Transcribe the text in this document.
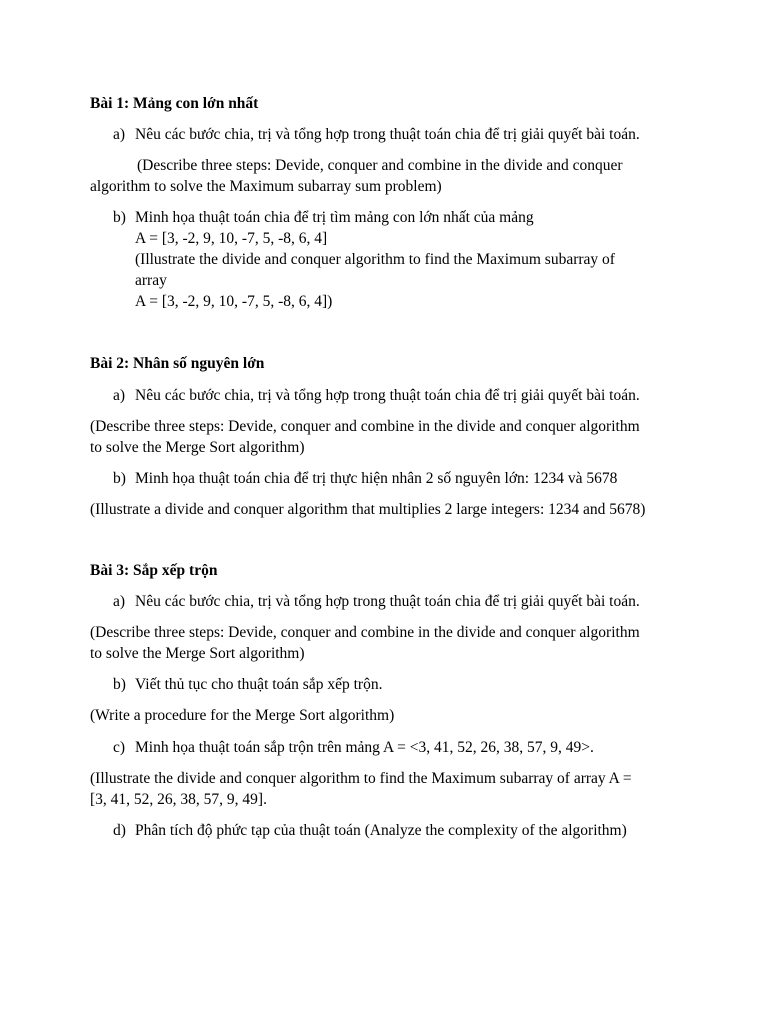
Bài 1: Mảng con lớn nhất
a) Nêu các bước chia, trị và tổng hợp trong thuật toán chia để trị giải quyết bài toán.
(Describe three steps: Devide, conquer and combine in the divide and conquer
algorithm to solve the Maximum subarray sum problem)
b) Minh họa thuật toán chia để trị tìm mảng con lớn nhất của mảng
A = [3, -2, 9, 10, -7, 5, -8, 6, 4]
(Illustrate the divide and conquer algorithm to find the Maximum subarray of
array
A = [3, -2, 9, 10, -7, 5, -8, 6, 4])
Bài 2: Nhân số nguyên lớn
a) Nêu các bước chia, trị và tổng hợp trong thuật toán chia để trị giải quyết bài toán.
(Describe three steps: Devide, conquer and combine in the divide and conquer algorithm
to solve the Merge Sort algorithm)
b) Minh họa thuật toán chia để trị thực hiện nhân 2 số nguyên lớn: 1234 và 5678
(Illustrate a divide and conquer algorithm that multiplies 2 large integers: 1234 and 5678)
Bài 3: Sắp xếp trộn
a) Nêu các bước chia, trị và tổng hợp trong thuật toán chia để trị giải quyết bài toán.
(Describe three steps: Devide, conquer and combine in the divide and conquer algorithm
to solve the Merge Sort algorithm)
b) Viết thủ tục cho thuật toán sắp xếp trộn.
(Write a procedure for the Merge Sort algorithm)
c) Minh họa thuật toán sắp trộn trên mảng A = <3, 41, 52, 26, 38, 57, 9, 49>.
(Illustrate the divide and conquer algorithm to find the Maximum subarray of array A =
[3, 41, 52, 26, 38, 57, 9, 49].
d) Phân tích độ phức tạp của thuật toán (Analyze the complexity of the algorithm)
